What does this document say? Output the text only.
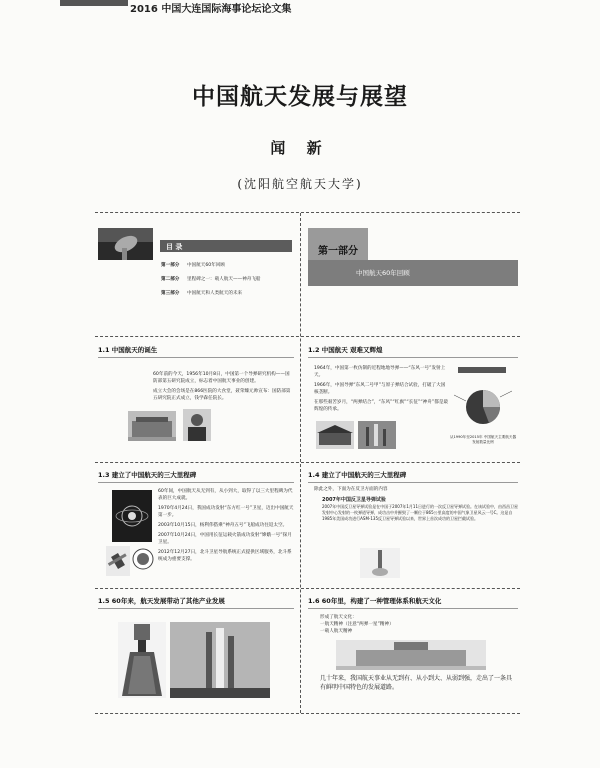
2016 中国大连国际海事论坛论文集
中国航天发展与展望
闻 新
(沈阳航空航天大学)
目 录
第一部分	中国航天60年回顾
第二部分	里程碑之一：载人航天——神舟飞船
第三部分	中国航天和人类航天的未来
第一部分
中国航天60年回顾
1.1 中国航天的诞生
60年前的今天，1956年10月8日，中国第一个导弹研究机构——国防部第五研究院成立，标志着中国航天事业的创建。
成立大会的会场是在866医院的大食堂，聂荣臻元帅宣布：国防部第五研究院正式成立，钱学森任院长。
1.2 中国航天 艰难又辉煌
1964年，中国第一枚仿制的近程地地导弹——“东风一号”发射上天。
1966年，中国导弹“东风二号甲”与原子弹结合试验，打破了大国核垄断。
在那些艰苦岁月，“两弹结合”，“东风”“红旗”“长征”“神舟”都是最辉煌的传承。
从1990年至2015年 中国航天主要航天器 发射数量比例
1.3 建立了中国航天的三大里程碑
60年间，中国航天从无到有，从小到大，取得了以三大里程碑为代表的巨大成就。
1970年4月24日，我国成功发射“东方红一号”卫星，迈出中国航天第一步。
2003年10月15日，杨利伟搭乘“神舟五号”飞船成功往返太空。
2007年10月24日，中国用长征运载火箭成功发射“嫦娥一号”探月卫星。
2012年12月27日，北斗卫星导航系统正式提供区域服务，北斗系统成为重要支撑。
1.4 建立了中国航天的三大里程碑
除此之外，下面为在反卫方面的内容
2007年中国反卫星导弹试验
2007年中国反卫星导弹试验是在中国于2007年1月11日进行的一次反卫星导弹试验。在该试验中，由西昌卫星发射中心发射的一枚弹道导弹，成功击中并摧毁了一颗位于865公里高度的中国气象卫星风云一号C。这是自1985年美国成功进行ASM-135反卫星导弹试验以来，世界上首次成功的卫星拦截试验。
1.5 60年来，航天发展带动了其他产业发展	1.6 60年里，构建了一种管理体系和航天文化
形成了航天文化：
一航天精神（注意“两弹一星”精神）
一载人航天精神
几十年来，我国航天事业从无到有、从小到大、从弱到强，走出了一条具有鲜明中国特色的发展道路。
